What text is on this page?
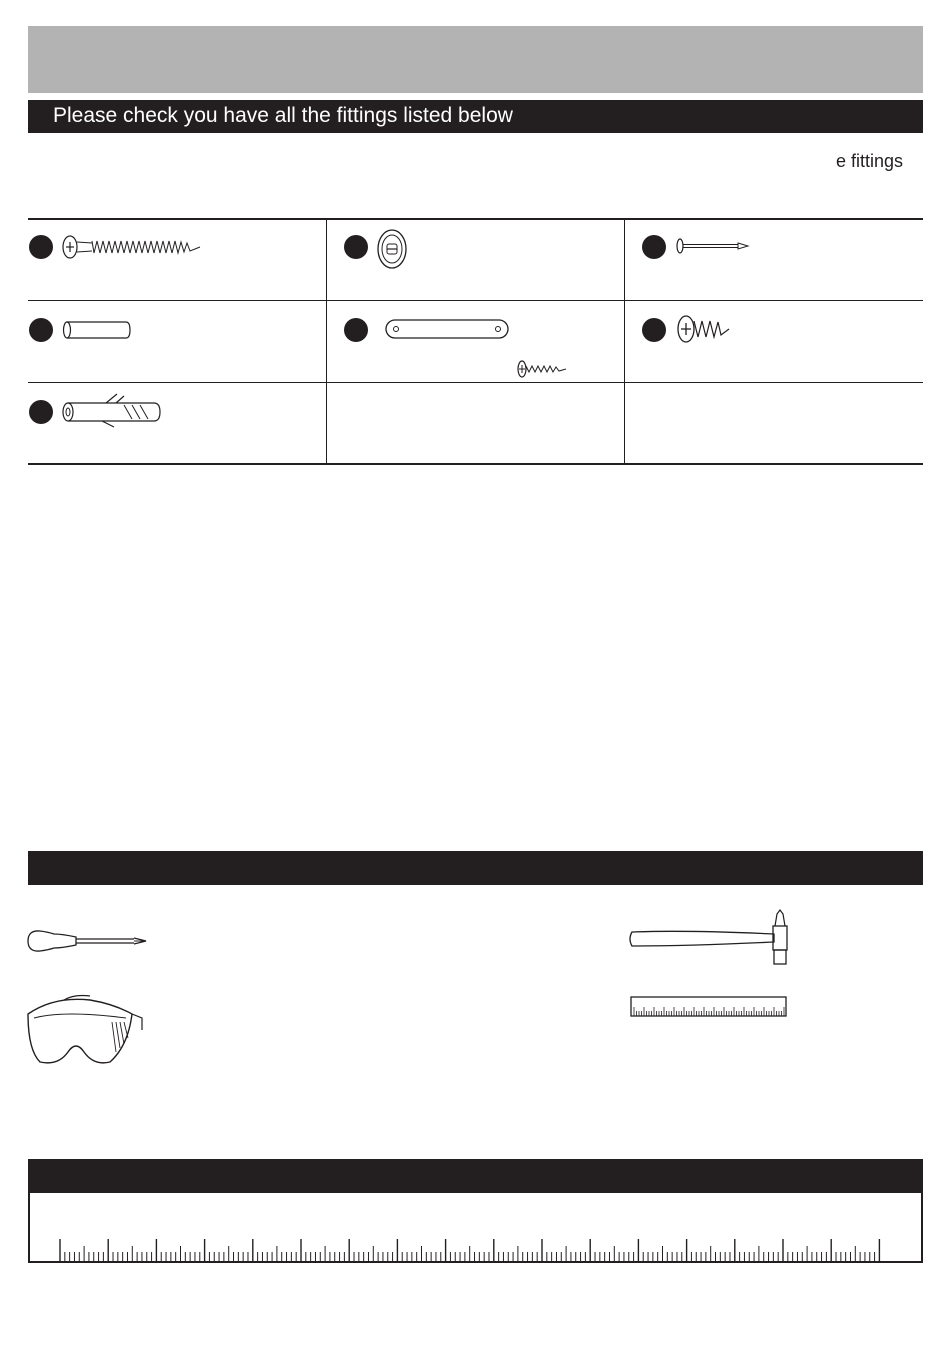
Please check you have all the fittings listed below
e fittings
